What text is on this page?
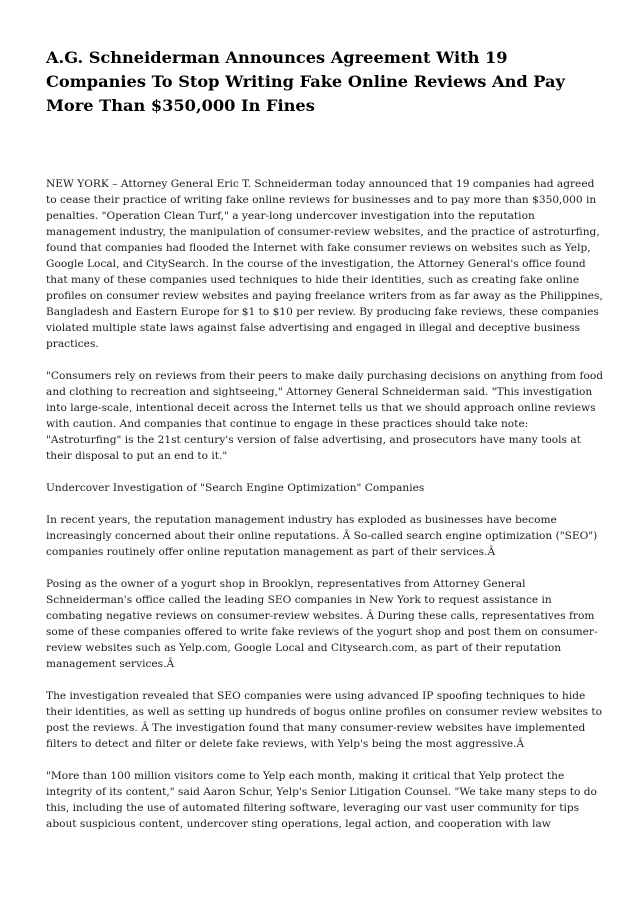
A.G. Schneiderman Announces Agreement With 19 Companies To Stop Writing Fake Online Reviews And Pay More Than $350,000 In Fines

NEW YORK – Attorney General Eric T. Schneiderman today announced that 19 companies had agreed to cease their practice of writing fake online reviews for businesses and to pay more than $350,000 in penalties. "Operation Clean Turf," a year-long undercover investigation into the reputation management industry, the manipulation of consumer-review websites, and the practice of astroturfing, found that companies had flooded the Internet with fake consumer reviews on websites such as Yelp, Google Local, and CitySearch. In the course of the investigation, the Attorney General's office found that many of these companies used techniques to hide their identities, such as creating fake online profiles on consumer review websites and paying freelance writers from as far away as the Philippines, Bangladesh and Eastern Europe for $1 to $10 per review. By producing fake reviews, these companies violated multiple state laws against false advertising and engaged in illegal and deceptive business practices.

"Consumers rely on reviews from their peers to make daily purchasing decisions on anything from food and clothing to recreation and sightseeing," Attorney General Schneiderman said. "This investigation into large-scale, intentional deceit across the Internet tells us that we should approach online reviews with caution. And companies that continue to engage in these practices should take note: "Astroturfing" is the 21st century's version of false advertising, and prosecutors have many tools at their disposal to put an end to it."

Undercover Investigation of "Search Engine Optimization" Companies

In recent years, the reputation management industry has exploded as businesses have become increasingly concerned about their online reputations. Â So-called search engine optimization ("SEO") companies routinely offer online reputation management as part of their services.Â

Posing as the owner of a yogurt shop in Brooklyn, representatives from Attorney General Schneiderman's office called the leading SEO companies in New York to request assistance in combating negative reviews on consumer-review websites. Â During these calls, representatives from some of these companies offered to write fake reviews of the yogurt shop and post them on consumer-review websites such as Yelp.com, Google Local and Citysearch.com, as part of their reputation management services.Â

The investigation revealed that SEO companies were using advanced IP spoofing techniques to hide their identities, as well as setting up hundreds of bogus online profiles on consumer review websites to post the reviews. Â The investigation found that many consumer-review websites have implemented filters to detect and filter or delete fake reviews, with Yelp's being the most aggressive.Â

"More than 100 million visitors come to Yelp each month, making it critical that Yelp protect the integrity of its content," said Aaron Schur, Yelp's Senior Litigation Counsel. "We take many steps to do this, including the use of automated filtering software, leveraging our vast user community for tips about suspicious content, undercover sting operations, legal action, and cooperation with law
